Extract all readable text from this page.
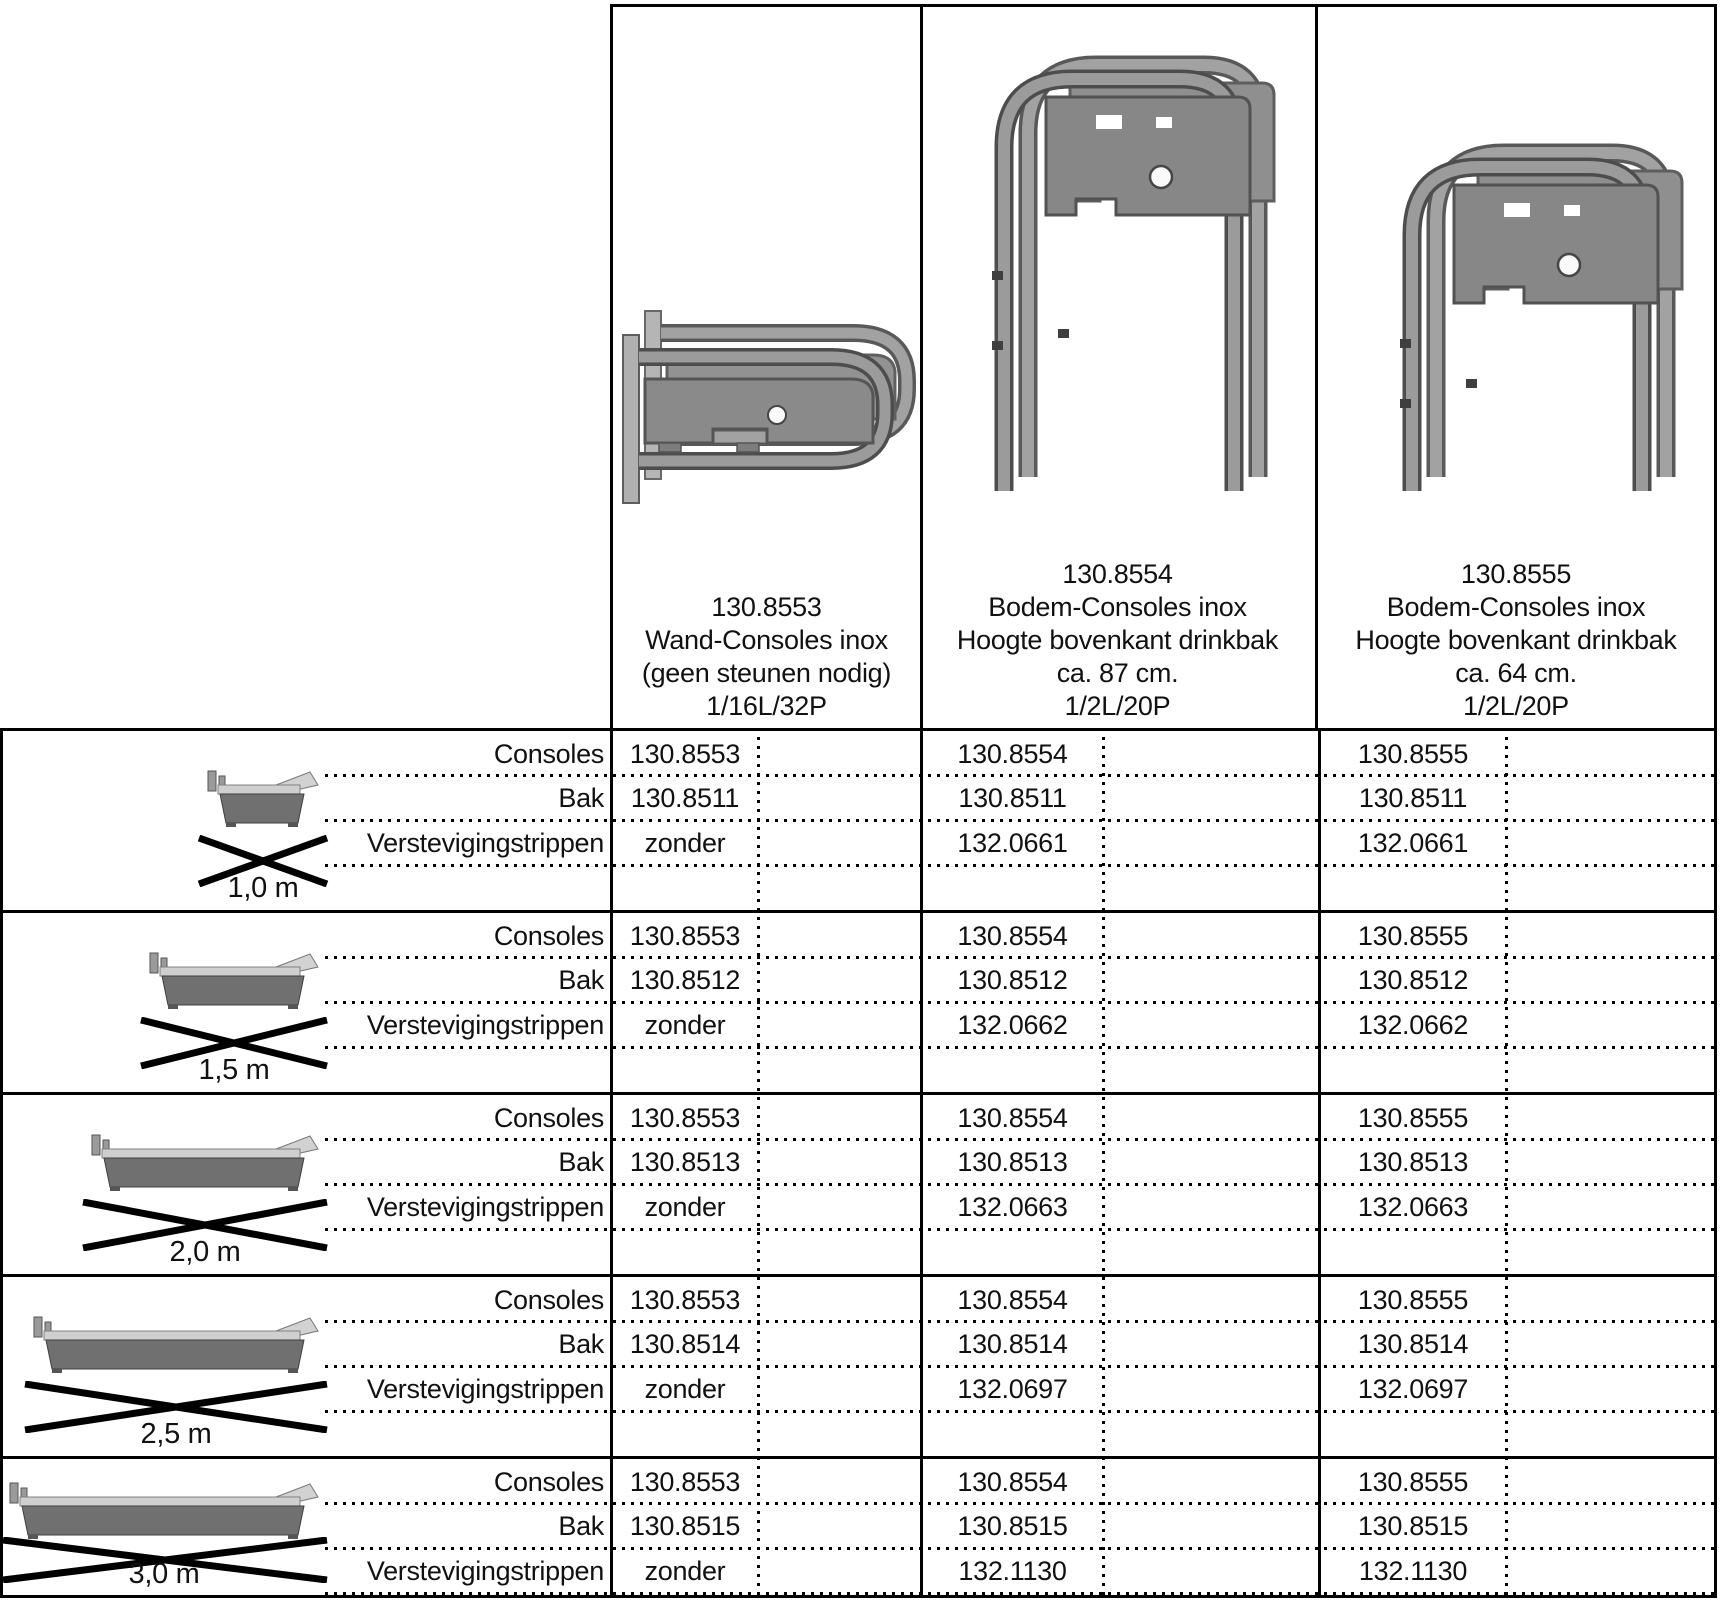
130.8553
Wand-Consoles inox
(geen steunen nodig)
1/16L/32P
130.8554
Bodem-Consoles inox
Hoogte bovenkant drinkbak
ca. 87 cm.
1/2L/20P
130.8555
Bodem-Consoles inox
Hoogte bovenkant drinkbak
ca. 64 cm.
1/2L/20P
Consoles
Bak
Verstevigingstrippen
130.8553
130.8511
zonder
130.8554
130.8511
132.0661
130.8555
130.8511
132.0661
1,0 m
Consoles
Bak
Verstevigingstrippen
130.8553
130.8512
zonder
130.8554
130.8512
132.0662
130.8555
130.8512
132.0662
1,5 m
Consoles
Bak
Verstevigingstrippen
130.8553
130.8513
zonder
130.8554
130.8513
132.0663
130.8555
130.8513
132.0663
2,0 m
Consoles
Bak
Verstevigingstrippen
130.8553
130.8514
zonder
130.8554
130.8514
132.0697
130.8555
130.8514
132.0697
2,5 m
Consoles
Bak
Verstevigingstrippen
130.8553
130.8515
zonder
130.8554
130.8515
132.1130
130.8555
130.8515
132.1130
3,0 m
